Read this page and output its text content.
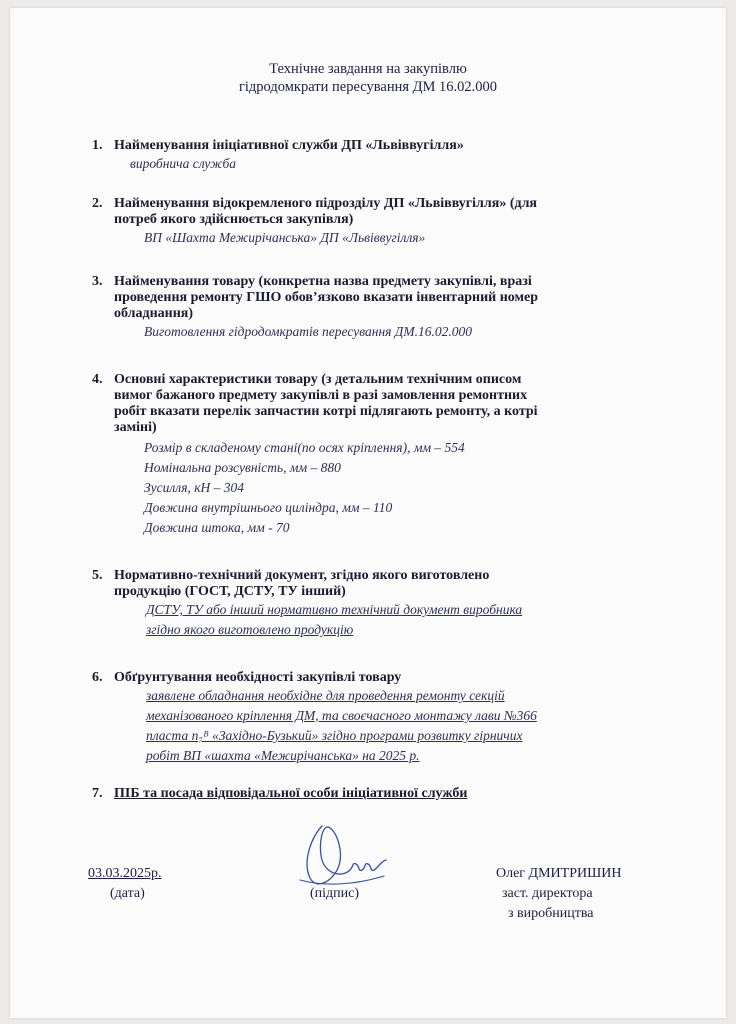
Технічне завдання на закупівлю
гідродомкрати пересування ДМ 16.02.000
1. Найменування ініціативної служби ДП «Львіввугілля»
виробнича служба
2. Найменування відокремленого підрозділу ДП «Львіввугілля» (для
потреб якого здійснюється закупівля)
ВП «Шахта Межирічанська» ДП «Львіввугілля»
3. Найменування товару (конкретна назва предмету закупівлі, вразі
проведення ремонту ГШО обов’язково вказати інвентарний номер
обладнання)
Виготовлення гідродомкратів пересування ДМ.16.02.000
4. Основні характеристики товару (з детальним технічним описом
вимог бажаного предмету закупівлі в разі замовлення ремонтних
робіт вказати перелік запчастин котрі підлягають ремонту, а котрі
заміні)
Розмір в складеному стані(по осях кріплення), мм – 554
Номінальна розсувність, мм – 880
Зусилля, кН – 304
Довжина внутрішнього циліндра, мм – 110
Довжина штока, мм - 70
5. Нормативно-технічний документ, згідно якого виготовлено
продукцію (ГОСТ, ДСТУ, ТУ інший)
ДСТУ, ТУ або інший нормативно технічний документ виробника
згідно якого виготовлено продукцію
6. Обґрунтування необхідності закупівлі товару
заявлене обладнання необхідне для проведення ремонту секцій
механізованого кріплення ДМ, та своєчасного монтажу лави №366
пласта n₇ᴮ «Західно-Бузький» згідно програми розвитку гірничих
робіт ВП «шахта «Межирічанська» на 2025 р.
7. ПІБ та посада відповідальної особи ініціативної служби
03.03.2025р.
(дата)	(підпис)
Олег ДМИТРИШИН
заст. директора
з виробництва
